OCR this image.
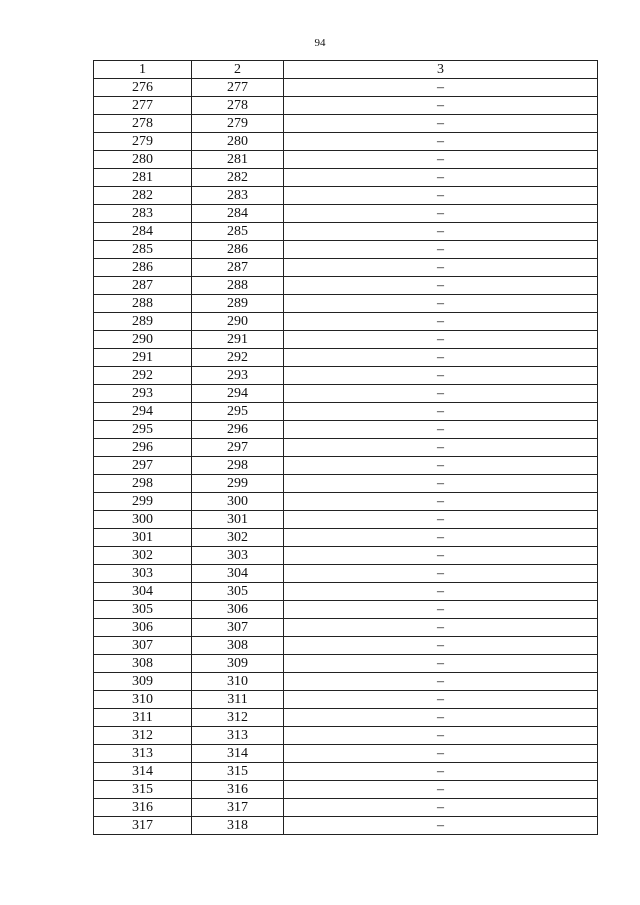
94
1	2	3
276	277	–
277	278	–
278	279	–
279	280	–
280	281	–
281	282	–
282	283	–
283	284	–
284	285	–
285	286	–
286	287	–
287	288	–
288	289	–
289	290	–
290	291	–
291	292	–
292	293	–
293	294	–
294	295	–
295	296	–
296	297	–
297	298	–
298	299	–
299	300	–
300	301	–
301	302	–
302	303	–
303	304	–
304	305	–
305	306	–
306	307	–
307	308	–
308	309	–
309	310	–
310	311	–
311	312	–
312	313	–
313	314	–
314	315	–
315	316	–
316	317	–
317	318	–
